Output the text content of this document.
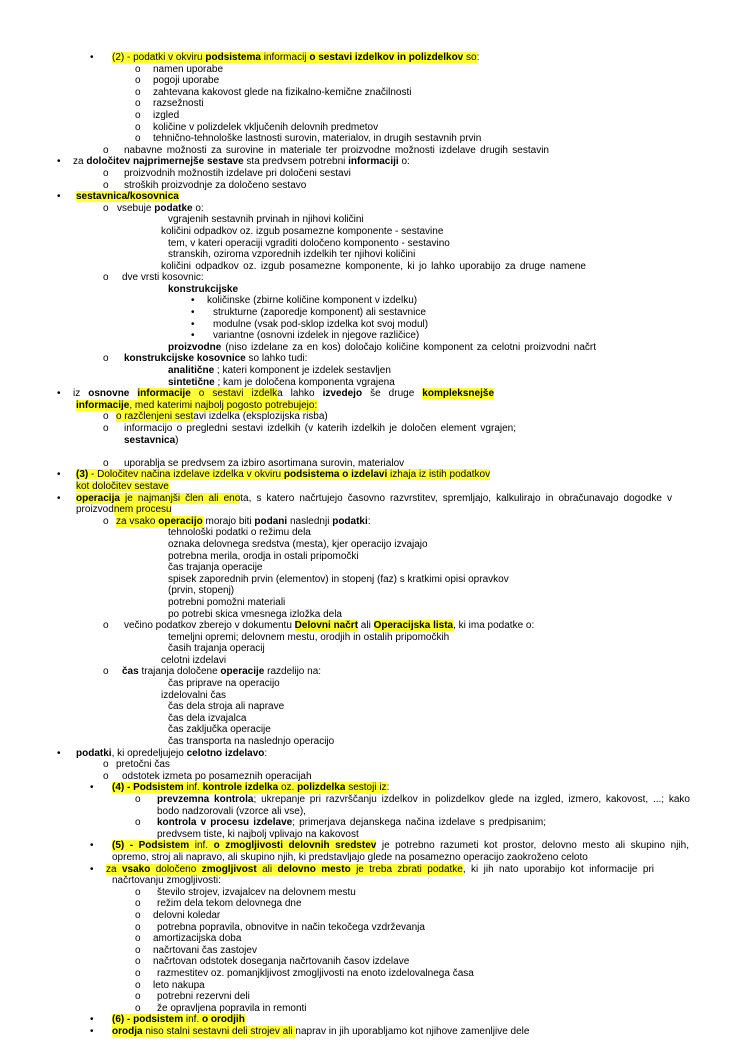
• (2) - podatki v okviru podsistema informacij o sestavi izdelkov in polizdelkov so:
o namen uporabe
o pogoji uporabe
o zahtevana kakovost glede na fizikalno-kemične značilnosti
o razsežnosti
o izgled
o količine v polizdelek vključenih delovnih predmetov
o tehnično-tehnološke lastnosti surovin, materialov, in drugih sestavnih prvin
o nabavne možnosti za surovine in materiale ter proizvodne možnosti izdelave drugih sestavin
• za določitev najprimernejše sestave sta predvsem potrebni informaciji o:
o proizvodnih možnostih izdelave pri določeni sestavi
o stroških proizvodnje za določeno sestavo
• sestavnica/kosovnica
o vsebuje podatke o:
vgrajenih sestavnih prvinah in njihovi količini
količini odpadkov oz. izgub posamezne komponente - sestavine
tem, v kateri operaciji vgraditi določeno komponento - sestavino
stranskih, oziroma vzporednih izdelkih ter njihovi količini
količini odpadkov oz. izgub posamezne komponente, ki jo lahko uporabijo za druge namene
o dve vrsti kosovnic:
konstrukcijske
• količinske (zbirne količine komponent v izdelku)
• strukturne (zaporedje komponent) ali sestavnice
• modulne (vsak pod-sklop izdelka kot svoj modul)
• variantne (osnovni izdelek in njegove različice)
proizvodne (niso izdelane za en kos) določajo količine komponent za celotni proizvodni načrt
o konstrukcijske kosovnice so lahko tudi:
analitične ; kateri komponent je izdelek sestavljen
sintetične ; kam je določena komponenta vgrajena
• iz osnovne informacije o sestavi izdelka lahko izvedejo še druge kompleksnejše
informacije, med katerimi najbolj pogosto potrebujejo:
o o razčlenjeni sestavi izdelka (eksplozijska risba)
o informacijo o pregledni sestavi izdelkih (v katerih izdelkih je določen element vgrajen;
sestavnica)
o uporablja se predvsem za izbiro asortimana surovin, materialov
• (3) - Določitev načina izdelave izdelka v okviru podsistema o izdelavi izhaja iz istih podatkov
kot določitev sestave
• operacija je najmanjši člen ali enota, s katero načrtujejo časovno razvrstitev, spremljajo, kalkulirajo in obračunavajo dogodke v
proizvodnem procesu
o za vsako operacijo morajo biti podani naslednji podatki:
tehnološki podatki o režimu dela
oznaka delovnega sredstva (mesta), kjer operacijo izvajajo
potrebna merila, orodja in ostali pripomočki
čas trajanja operacije
spisek zaporednih prvin (elementov) in stopenj (faz) s kratkimi opisi opravkov
(prvin, stopenj)
potrebni pomožni materiali
po potrebi skica vmesnega izložka dela
o večino podatkov zberejo v dokumentu Delovni načrt ali Operacijska lista, ki ima podatke o:
temeljni opremi; delovnem mestu, orodjih in ostalih pripomočkih
časih trajanja operacij
celotni izdelavi
o čas trajanja določene operacije razdelijo na:
čas priprave na operacijo
izdelovalni čas
čas dela stroja ali naprave
čas dela izvajalca
čas zaključka operacije
čas transporta na naslednjo operacijo
• podatki, ki opredeljujejo celotno izdelavo:
o pretočni čas
o odstotek izmeta po posameznih operacijah
• (4) - Podsistem inf. kontrole izdelka oz. polizdelka sestoji iz:
o prevzemna kontrola; ukrepanje pri razvrščanju izdelkov in polizdelkov glede na izgled, izmero, kakovost, ...; kako
bodo nadzorovali (vzorce ali vse),
o kontrola v procesu izdelave; primerjava dejanskega načina izdelave s predpisanim;
predvsem tiste, ki najbolj vplivajo na kakovost
• (5) - Podsistem inf. o zmogljivosti delovnih sredstev je potrebno razumeti kot prostor, delovno mesto ali skupino njih,
opremo, stroj ali napravo, ali skupino njih, ki predstavljajo glede na posamezno operacijo zaokroženo celoto
• za vsako določeno zmogljivost ali delovno mesto je treba zbrati podatke, ki jih nato uporabijo kot informacije pri
načrtovanju zmogljivosti:
o število strojev, izvajalcev na delovnem mestu
o režim dela tekom delovnega dne
o delovni koledar
o potrebna popravila, obnovitve in način tekočega vzdrževanja
o amortizacijska doba
o načrtovani čas zastojev
o načrtovan odstotek doseganja načrtovanih časov izdelave
o razmestitev oz. pomanjkljivost zmogljivosti na enoto izdelovalnega časa
o leto nakupa
o potrebni rezervni deli
o že opravljena popravila in remonti
• (6) - podsistem inf. o orodjih
• orodja niso stalni sestavni deli strojev ali naprav in jih uporabljamo kot njihove zamenljive dele
